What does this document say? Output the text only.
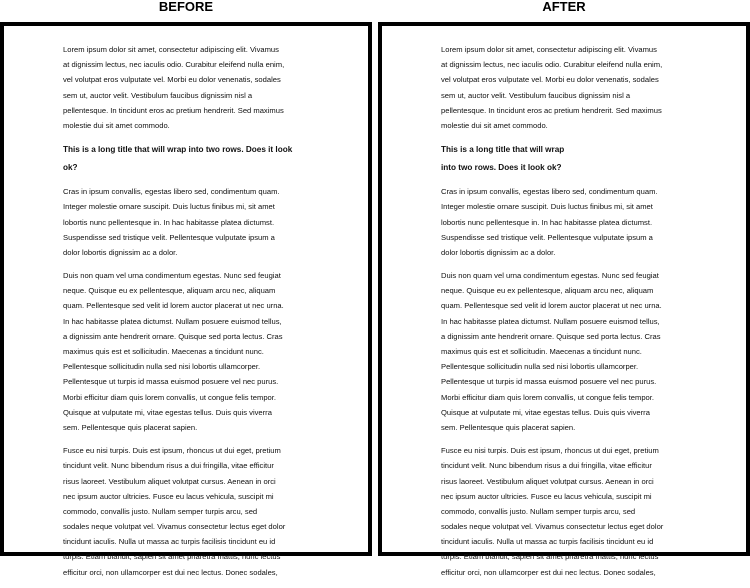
BEFORE

Lorem ipsum dolor sit amet, consectetur adipiscing elit. Vivamus
at dignissim lectus, nec iaculis odio. Curabitur eleifend nulla enim,
vel volutpat eros vulputate vel. Morbi eu dolor venenatis, sodales
sem ut, auctor velit. Vestibulum faucibus dignissim nisl a
pellentesque. In tincidunt eros ac pretium hendrerit. Sed maximus
molestie dui sit amet commodo.

This is a long title that will wrap into two rows. Does it look
ok?

Cras in ipsum convallis, egestas libero sed, condimentum quam.
Integer molestie ornare suscipit. Duis luctus finibus mi, sit amet
lobortis nunc pellentesque in. In hac habitasse platea dictumst.
Suspendisse sed tristique velit. Pellentesque vulputate ipsum a
dolor lobortis dignissim ac a dolor.

Duis non quam vel urna condimentum egestas. Nunc sed feugiat
neque. Quisque eu ex pellentesque, aliquam arcu nec, aliquam
quam. Pellentesque sed velit id lorem auctor placerat ut nec urna.
In hac habitasse platea dictumst. Nullam posuere euismod tellus,
a dignissim ante hendrerit ornare. Quisque sed porta lectus. Cras
maximus quis est et sollicitudin. Maecenas a tincidunt nunc.
Pellentesque sollicitudin nulla sed nisi lobortis ullamcorper.
Pellentesque ut turpis id massa euismod posuere vel nec purus.
Morbi efficitur diam quis lorem convallis, ut congue felis tempor.
Quisque at vulputate mi, vitae egestas tellus. Duis quis viverra
sem. Pellentesque quis placerat sapien.

Fusce eu nisi turpis. Duis est ipsum, rhoncus ut dui eget, pretium
tincidunt velit. Nunc bibendum risus a dui fringilla, vitae efficitur
risus laoreet. Vestibulum aliquet volutpat cursus. Aenean in orci
nec ipsum auctor ultricies. Fusce eu lacus vehicula, suscipit mi
commodo, convallis justo. Nullam semper turpis arcu, sed
sodales neque volutpat vel. Vivamus consectetur lectus eget dolor
tincidunt iaculis. Nulla ut massa ac turpis facilisis tincidunt eu id
turpis. Etiam blandit, sapien sit amet pharetra mattis, nunc lectus
efficitur orci, non ullamcorper est dui nec lectus. Donec sodales,

AFTER

Lorem ipsum dolor sit amet, consectetur adipiscing elit. Vivamus
at dignissim lectus, nec iaculis odio. Curabitur eleifend nulla enim,
vel volutpat eros vulputate vel. Morbi eu dolor venenatis, sodales
sem ut, auctor velit. Vestibulum faucibus dignissim nisl a
pellentesque. In tincidunt eros ac pretium hendrerit. Sed maximus
molestie dui sit amet commodo.

This is a long title that will wrap
into two rows. Does it look ok?

Cras in ipsum convallis, egestas libero sed, condimentum quam.
Integer molestie ornare suscipit. Duis luctus finibus mi, sit amet
lobortis nunc pellentesque in. In hac habitasse platea dictumst.
Suspendisse sed tristique velit. Pellentesque vulputate ipsum a
dolor lobortis dignissim ac a dolor.

Duis non quam vel urna condimentum egestas. Nunc sed feugiat
neque. Quisque eu ex pellentesque, aliquam arcu nec, aliquam
quam. Pellentesque sed velit id lorem auctor placerat ut nec urna.
In hac habitasse platea dictumst. Nullam posuere euismod tellus,
a dignissim ante hendrerit ornare. Quisque sed porta lectus. Cras
maximus quis est et sollicitudin. Maecenas a tincidunt nunc.
Pellentesque sollicitudin nulla sed nisi lobortis ullamcorper.
Pellentesque ut turpis id massa euismod posuere vel nec purus.
Morbi efficitur diam quis lorem convallis, ut congue felis tempor.
Quisque at vulputate mi, vitae egestas tellus. Duis quis viverra
sem. Pellentesque quis placerat sapien.

Fusce eu nisi turpis. Duis est ipsum, rhoncus ut dui eget, pretium
tincidunt velit. Nunc bibendum risus a dui fringilla, vitae efficitur
risus laoreet. Vestibulum aliquet volutpat cursus. Aenean in orci
nec ipsum auctor ultricies. Fusce eu lacus vehicula, suscipit mi
commodo, convallis justo. Nullam semper turpis arcu, sed
sodales neque volutpat vel. Vivamus consectetur lectus eget dolor
tincidunt iaculis. Nulla ut massa ac turpis facilisis tincidunt eu id
turpis. Etiam blandit, sapien sit amet pharetra mattis, nunc lectus
efficitur orci, non ullamcorper est dui nec lectus. Donec sodales,
